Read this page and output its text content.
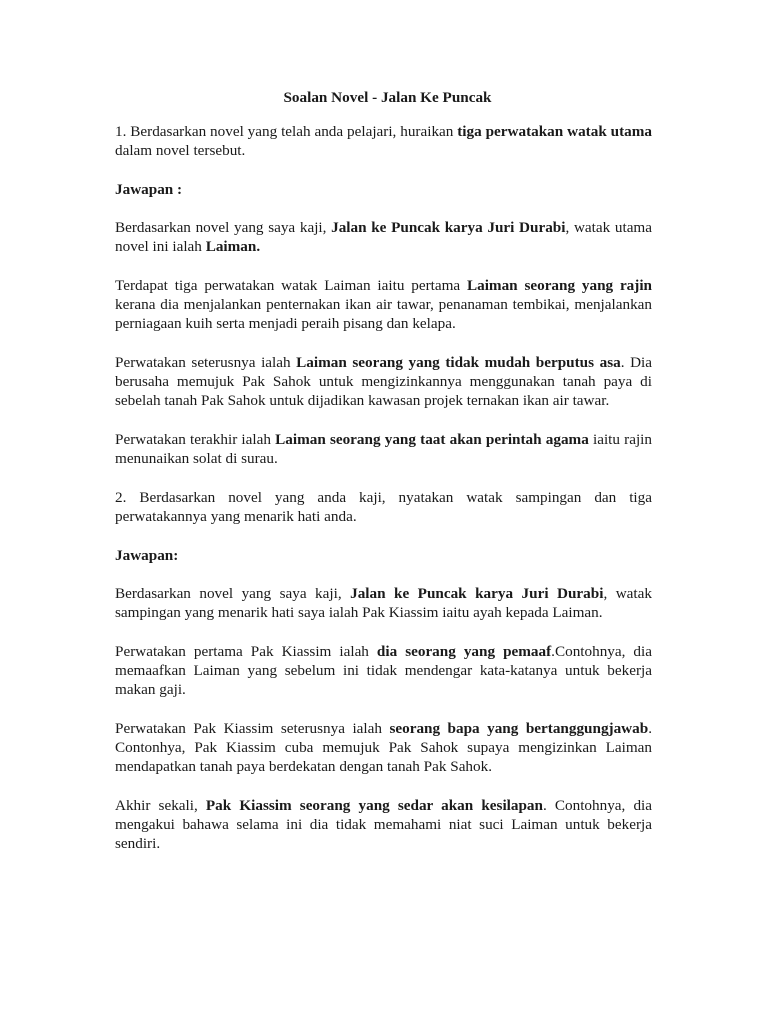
Soalan Novel - Jalan Ke Puncak

1. Berdasarkan novel yang telah anda pelajari, huraikan tiga perwatakan watak utama dalam novel tersebut.

Jawapan :

Berdasarkan novel yang saya kaji, Jalan ke Puncak karya Juri Durabi, watak utama novel ini ialah Laiman.

Terdapat tiga perwatakan watak Laiman iaitu pertama Laiman seorang yang rajin kerana dia menjalankan penternakan ikan air tawar, penanaman tembikai, menjalankan perniagaan kuih serta menjadi peraih pisang dan kelapa.

Perwatakan seterusnya ialah Laiman seorang yang tidak mudah berputus asa. Dia berusaha memujuk Pak Sahok untuk mengizinkannya menggunakan tanah paya di sebelah tanah Pak Sahok untuk dijadikan kawasan projek ternakan ikan air tawar.

Perwatakan terakhir ialah Laiman seorang yang taat akan perintah agama iaitu rajin menunaikan solat di surau.

2. Berdasarkan novel yang anda kaji, nyatakan watak sampingan dan tiga perwatakannya yang menarik hati anda.

Jawapan:

Berdasarkan novel yang saya kaji, Jalan ke Puncak karya Juri Durabi, watak sampingan yang menarik hati saya ialah Pak Kiassim iaitu ayah kepada Laiman.

Perwatakan pertama Pak Kiassim ialah dia seorang yang pemaaf.Contohnya, dia memaafkan Laiman yang sebelum ini tidak mendengar kata-katanya untuk bekerja makan gaji.

Perwatakan Pak Kiassim seterusnya ialah seorang bapa yang bertanggungjawab. Contonhya, Pak Kiassim cuba memujuk Pak Sahok supaya mengizinkan Laiman mendapatkan tanah paya berdekatan dengan tanah Pak Sahok.

Akhir sekali, Pak Kiassim seorang yang sedar akan kesilapan. Contohnya, dia mengakui bahawa selama ini dia tidak memahami niat suci Laiman untuk bekerja sendiri.
